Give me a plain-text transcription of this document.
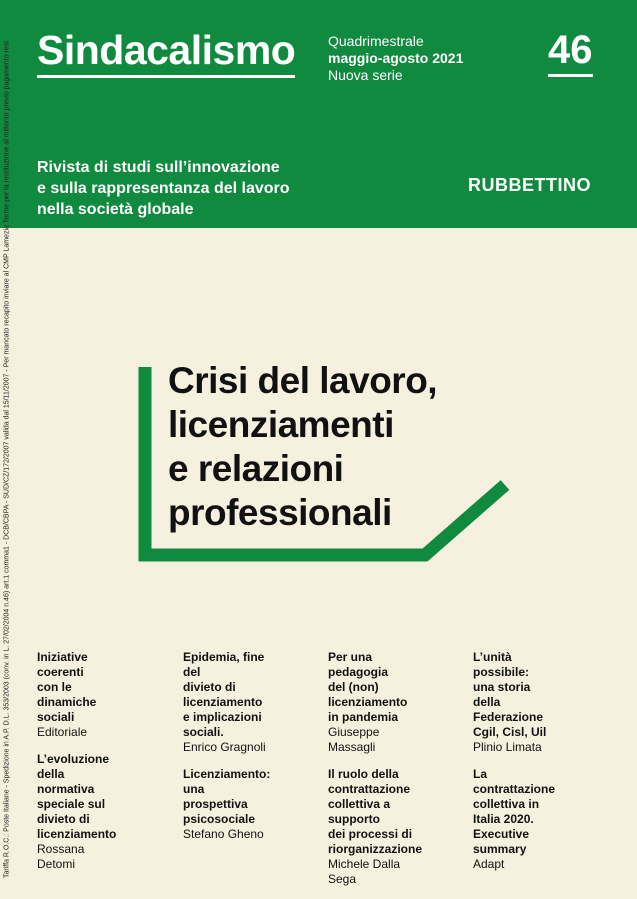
Sindacalismo Quadrimestrale
maggio-agosto 2021
Nuova serie
46
Rivista di studi sull’innovazione
e sulla rappresentanza del lavoro
nella società globale
RUBBETTINO
Tariffa R.O.C.: Poste Italiane - Spedizione in A.P. D.L. 353/2003 (conv. in L. 27/02/2004 n.46) art.1 comma1 - DCB/CBPA - SUD/CZ/172/2007 valida dal 15/11/2007 - Per mancato recapito inviare al CMP Lamezia Terme per la restituzione al mittente previo pagamento resi	Crisi del lavoro,
licenziamenti
e relazioni
professionali
Iniziative coerenti
con le dinamiche sociali
Editoriale
L’evoluzione della
normativa speciale sul
divieto di licenziamento
Rossana Detomi
Epidemia, fine del
divieto di licenziamento
e implicazioni sociali.
Enrico Gragnoli
Licenziamento:
una prospettiva
psicosociale
Stefano Gheno
Per una pedagogia
del (non) licenziamento
in pandemia
Giuseppe Massagli
Il ruolo della
contrattazione
collettiva a supporto
dei processi di
riorganizzazione
Michele Dalla Sega
L’unità possibile:
una storia della
Federazione
Cgil, Cisl, Uil
Plinio Limata
La contrattazione
collettiva in Italia 2020.
Executive summary
Adapt
